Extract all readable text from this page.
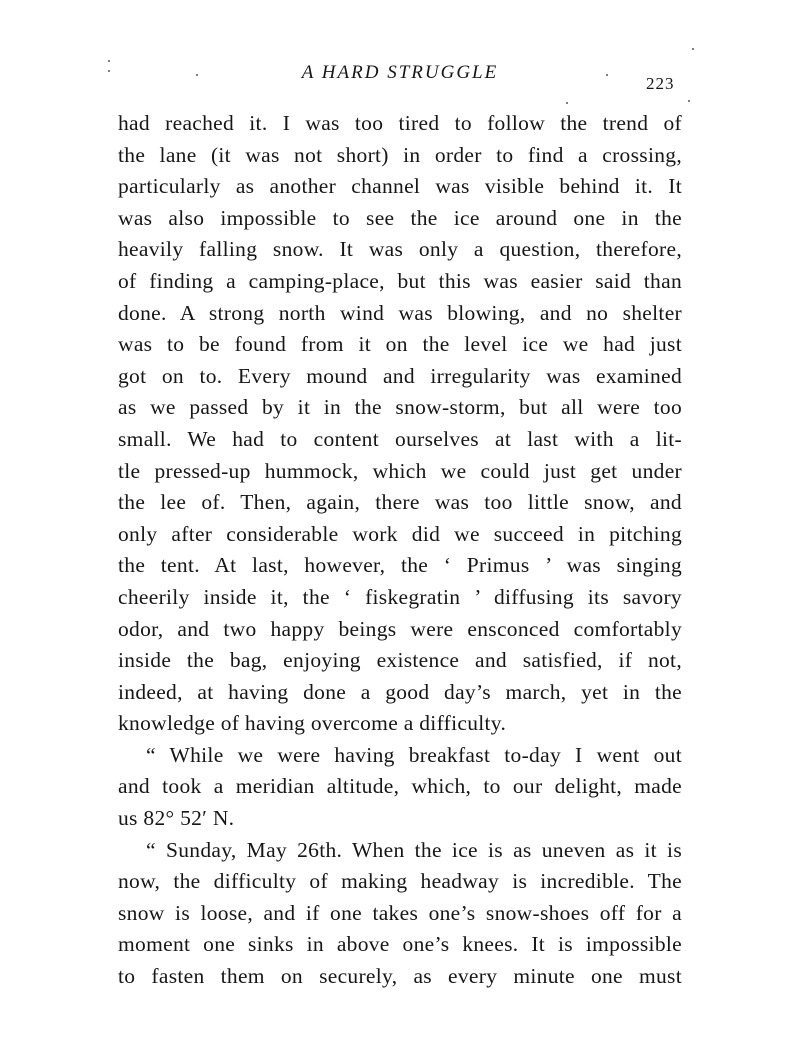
A HARD STRUGGLE
223
had reached it. I was too tired to follow the trend of
the lane (it was not short) in order to find a crossing,
particularly as another channel was visible behind it. It
was also impossible to see the ice around one in the
heavily falling snow. It was only a question, therefore,
of finding a camping-place, but this was easier said than
done. A strong north wind was blowing, and no shelter
was to be found from it on the level ice we had just
got on to. Every mound and irregularity was examined
as we passed by it in the snow-storm, but all were too
small. We had to content ourselves at last with a lit-
tle pressed-up hummock, which we could just get under
the lee of. Then, again, there was too little snow, and
only after considerable work did we succeed in pitching
the tent. At last, however, the ‘ Primus ’ was singing
cheerily inside it, the ‘ fiskegratin ’ diffusing its savory
odor, and two happy beings were ensconced comfortably
inside the bag, enjoying existence and satisfied, if not,
indeed, at having done a good day’s march, yet in the
knowledge of having overcome a difficulty.
“ While we were having breakfast to-day I went out
and took a meridian altitude, which, to our delight, made
us 82° 52′ N.
“ Sunday, May 26th. When the ice is as uneven as it is
now, the difficulty of making headway is incredible. The
snow is loose, and if one takes one’s snow-shoes off for a
moment one sinks in above one’s knees. It is impossible
to fasten them on securely, as every minute one must
